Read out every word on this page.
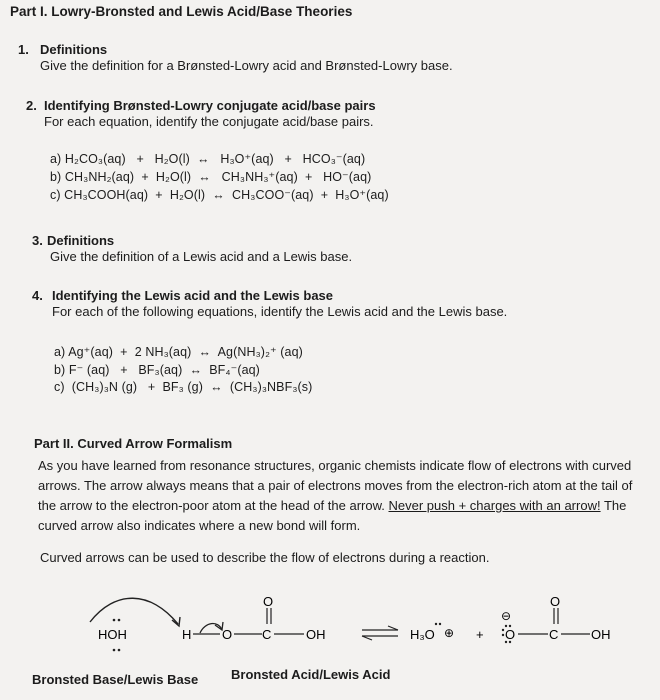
Part I. Lowry-Bronsted and Lewis Acid/Base Theories
1. Definitions
Give the definition for a Brønsted-Lowry acid and Brønsted-Lowry base.
2. Identifying Brønsted-Lowry conjugate acid/base pairs
For each equation, identify the conjugate acid/base pairs.
a) H₂CO₃(aq)   +   H₂O(l)  ↔   H₃O⁺(aq)   +   HCO₃⁻(aq)
b) CH₃NH₂(aq)  +  H₂O(l)  ↔   CH₃NH₃⁺(aq)  +   HO⁻(aq)
c) CH₃COOH(aq)  +  H₂O(l)  ↔  CH₃COO⁻(aq)  +  H₃O⁺(aq)
3. Definitions
Give the definition of a Lewis acid and a Lewis base.
4. Identifying the Lewis acid and the Lewis base
For each of the following equations, identify the Lewis acid and the Lewis base.
a) Ag⁺(aq)  +  2 NH₃(aq)  ↔  Ag(NH₃)₂⁺ (aq)
b) F⁻ (aq)   +   BF₃(aq)  ↔  BF₄⁻(aq)
c)  (CH₃)₃N (g)   +  BF₃ (g)  ↔  (CH₃)₃NBF₃(s)
Part II. Curved Arrow Formalism
As you have learned from resonance structures, organic chemists indicate flow of electrons with curved arrows. The arrow always means that a pair of electrons moves from the electron-rich atom at the tail of the arrow to the electron-poor atom at the head of the arrow. Never push + charges with an arrow! The curved arrow also indicates where a new bond will form.
Curved arrows can be used to describe the flow of electrons during a reaction.
HOH	H O C
O
OH	H₃O ⊕ +
⊖
O	C
O
OH
Bronsted Base/Lewis Base	Bronsted Acid/Lewis Acid
